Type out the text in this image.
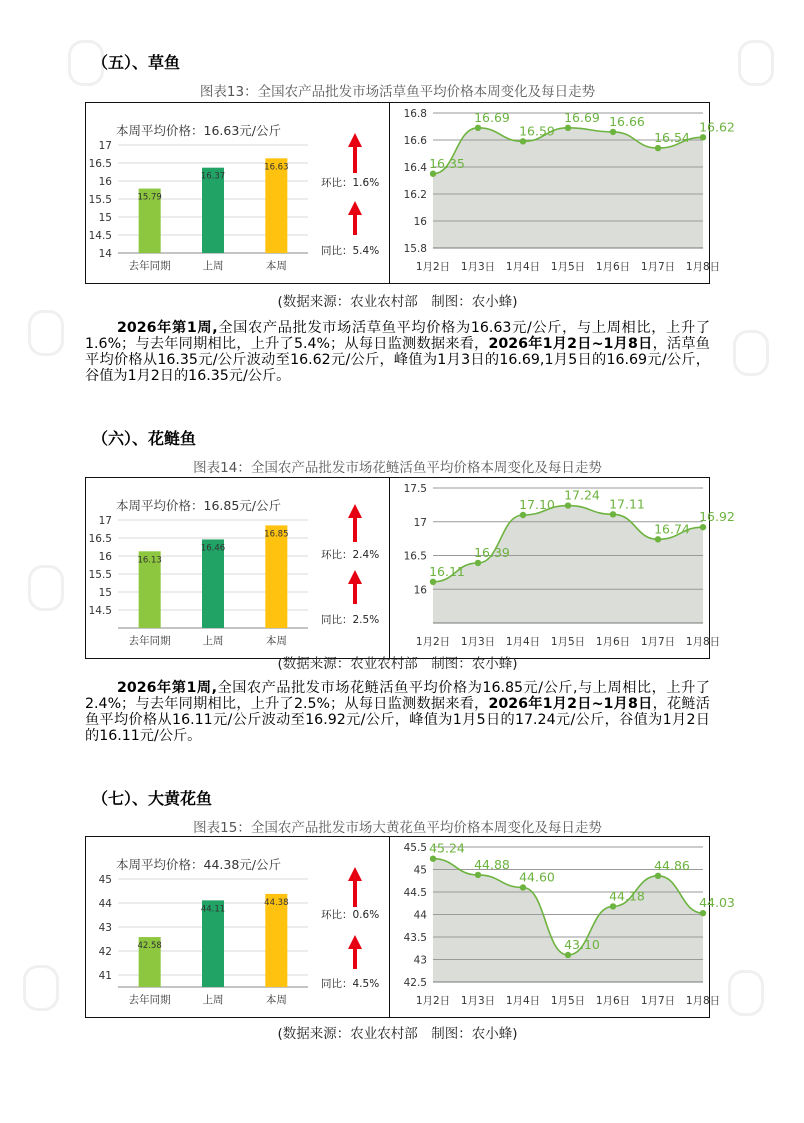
（五）、草鱼
图表13：全国农产品批发市场活草鱼平均价格本周变化及每日走势
本周平均价格：16.63元/公斤
14
14.5
15
15.5
16
16.5
17
15.79
去年同期
16.37
上周
16.63
本周
环比：1.6%
同比：5.4% 15.8
16
16.2
16.4
16.6
16.8
16.35
1月2日
16.69
1月3日
16.59
1月4日
16.69
1月5日
16.66
1月6日
16.54
1月7日
16.62
1月8日
(数据来源：农业农村部　制图：农小蜂)

2026年第1周,全国农产品批发市场活草鱼平均价格为16.63元/公斤，与上周相比，上升了1.6%；与去年同期相比，上升了5.4%；从每日监测数据来看，2026年1月2日~1月8日，活草鱼平均价格从16.35元/公斤波动至16.62元/公斤，峰值为1月3日的16.69,1月5日的16.69元/公斤，谷值为1月2日的16.35元/公斤。

（六）、花鲢鱼
图表14：全国农产品批发市场花鲢活鱼平均价格本周变化及每日走势
本周平均价格：16.85元/公斤
14.5
15
15.5
16
16.5
17
16.13
去年同期
16.46
上周
16.85
本周
环比：2.4%
同比：2.5%
16
16.5
17
17.5
16.11
1月2日
16.39
1月3日
17.10
1月4日
17.24
1月5日
17.11
1月6日
16.74
1月7日
16.92
1月8日
(数据来源：农业农村部　制图：农小蜂)

2026年第1周,全国农产品批发市场花鲢活鱼平均价格为16.85元/公斤,与上周相比，上升了2.4%；与去年同期相比，上升了2.5%；从每日监测数据来看，2026年1月2日~1月8日，花鲢活鱼平均价格从16.11元/公斤波动至16.92元/公斤，峰值为1月5日的17.24元/公斤，谷值为1月2日的16.11元/公斤。

（七）、大黄花鱼
图表15：全国农产品批发市场大黄花鱼平均价格本周变化及每日走势
本周平均价格：44.38元/公斤
41
42
43
44
45
42.58
去年同期
44.11
上周
44.38
本周
环比：0.6%
同比：4.5% 42.5
43
43.5
44
44.5
45
45.5 45.24
1月2日
44.88
1月3日
44.60
1月4日
43.10
1月5日
44.18
1月6日
44.86
1月7日
44.03
1月8日
(数据来源：农业农村部　制图：农小蜂)
